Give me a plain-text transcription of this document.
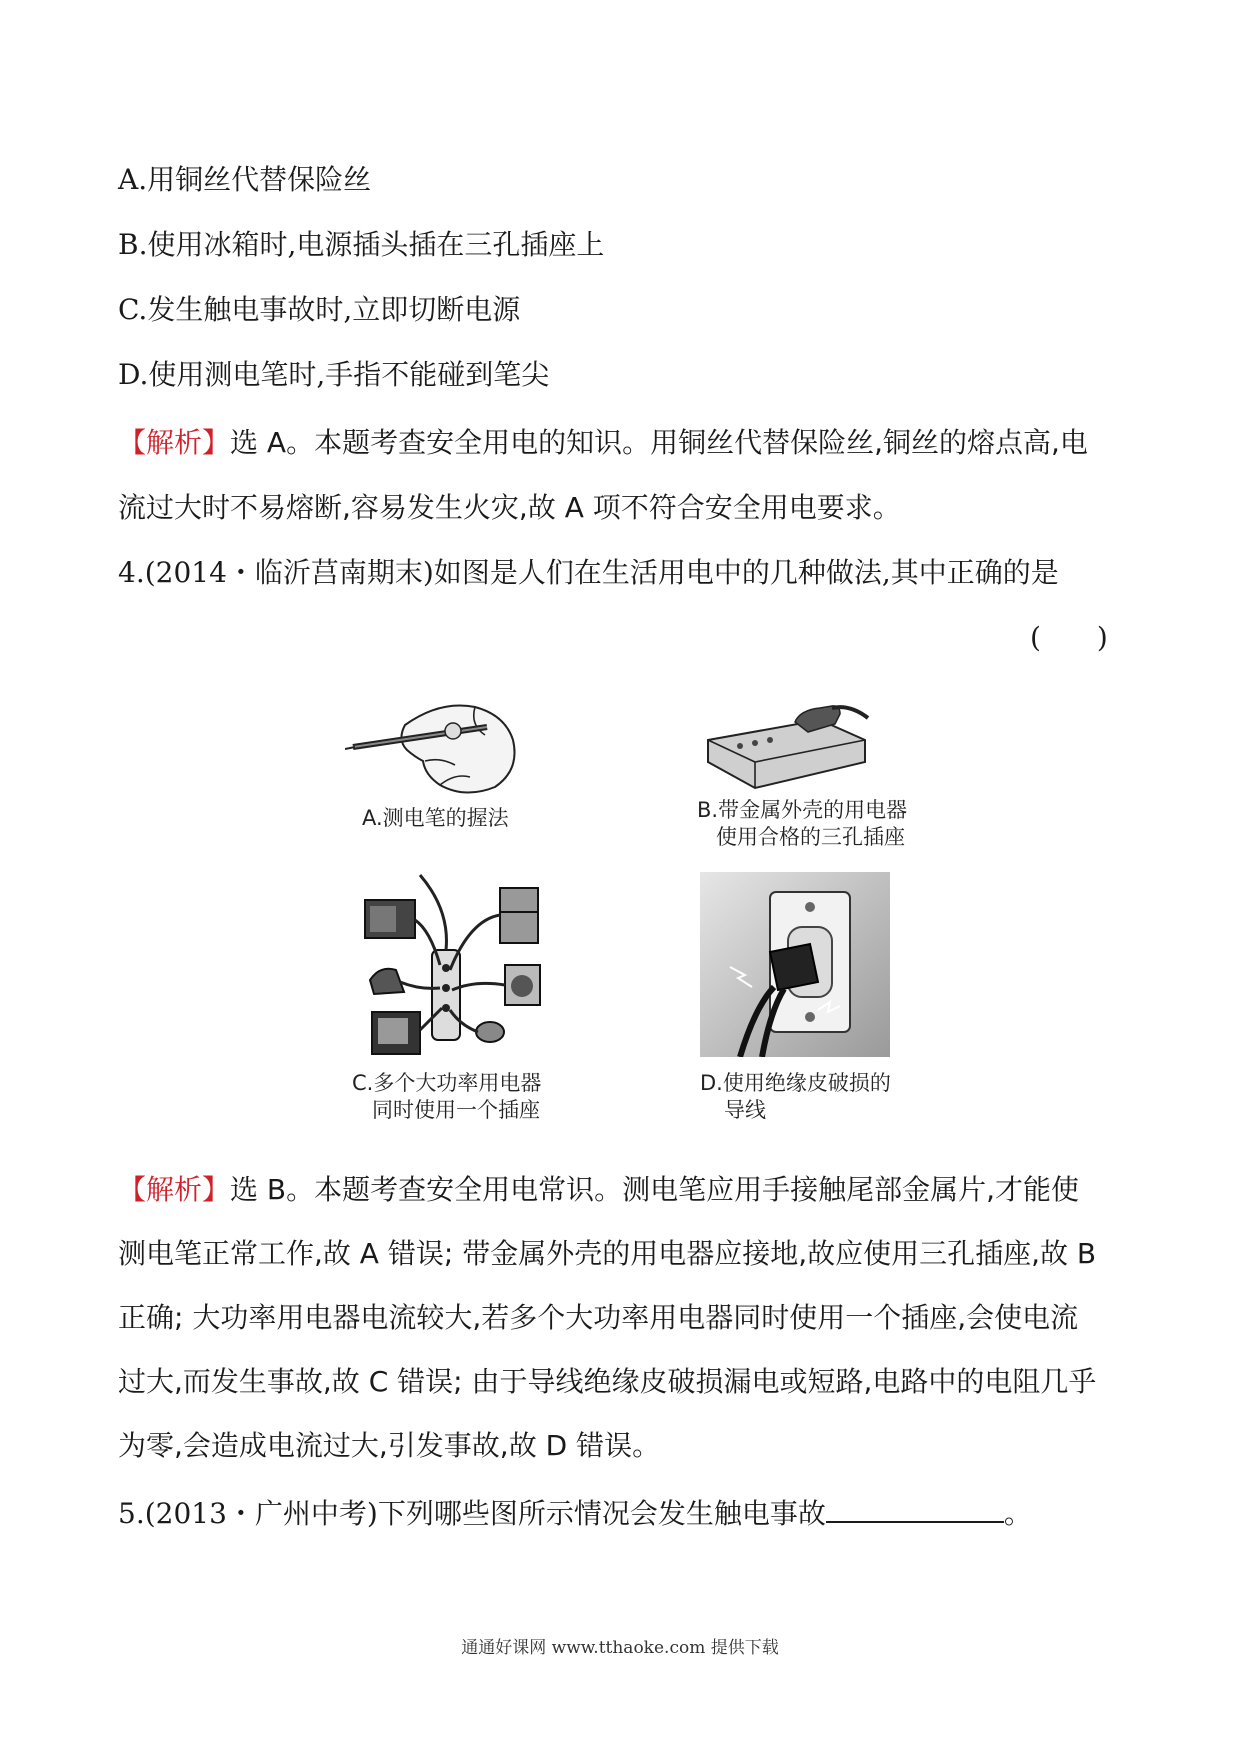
A.用铜丝代替保险丝
B.使用冰箱时,电源插头插在三孔插座上
C.发生触电事故时,立即切断电源
D.使用测电笔时,手指不能碰到笔尖
【解析】选 A。本题考查安全用电的知识。用铜丝代替保险丝,铜丝的熔点高,电
流过大时不易熔断,容易发生火灾,故 A 项不符合安全用电要求。
4.(2014・临沂莒南期末)如图是人们在生活用电中的几种做法,其中正确的是
(　　)
A.测电笔的握法	B.带金属外壳的用电器
使用合格的三孔插座
C.多个大功率用电器
同时使用一个插座
D.使用绝缘皮破损的
导线
【解析】选 B。本题考查安全用电常识。测电笔应用手接触尾部金属片,才能使
测电笔正常工作,故 A 错误; 带金属外壳的用电器应接地,故应使用三孔插座,故 B
正确; 大功率用电器电流较大,若多个大功率用电器同时使用一个插座,会使电流
过大,而发生事故,故 C 错误; 由于导线绝缘皮破损漏电或短路,电路中的电阻几乎
为零,会造成电流过大,引发事故,故 D 错误。
5.(2013・广州中考)下列哪些图所示情况会发生触电事故	。
通通好课网 www.tthaoke.com 提供下载
